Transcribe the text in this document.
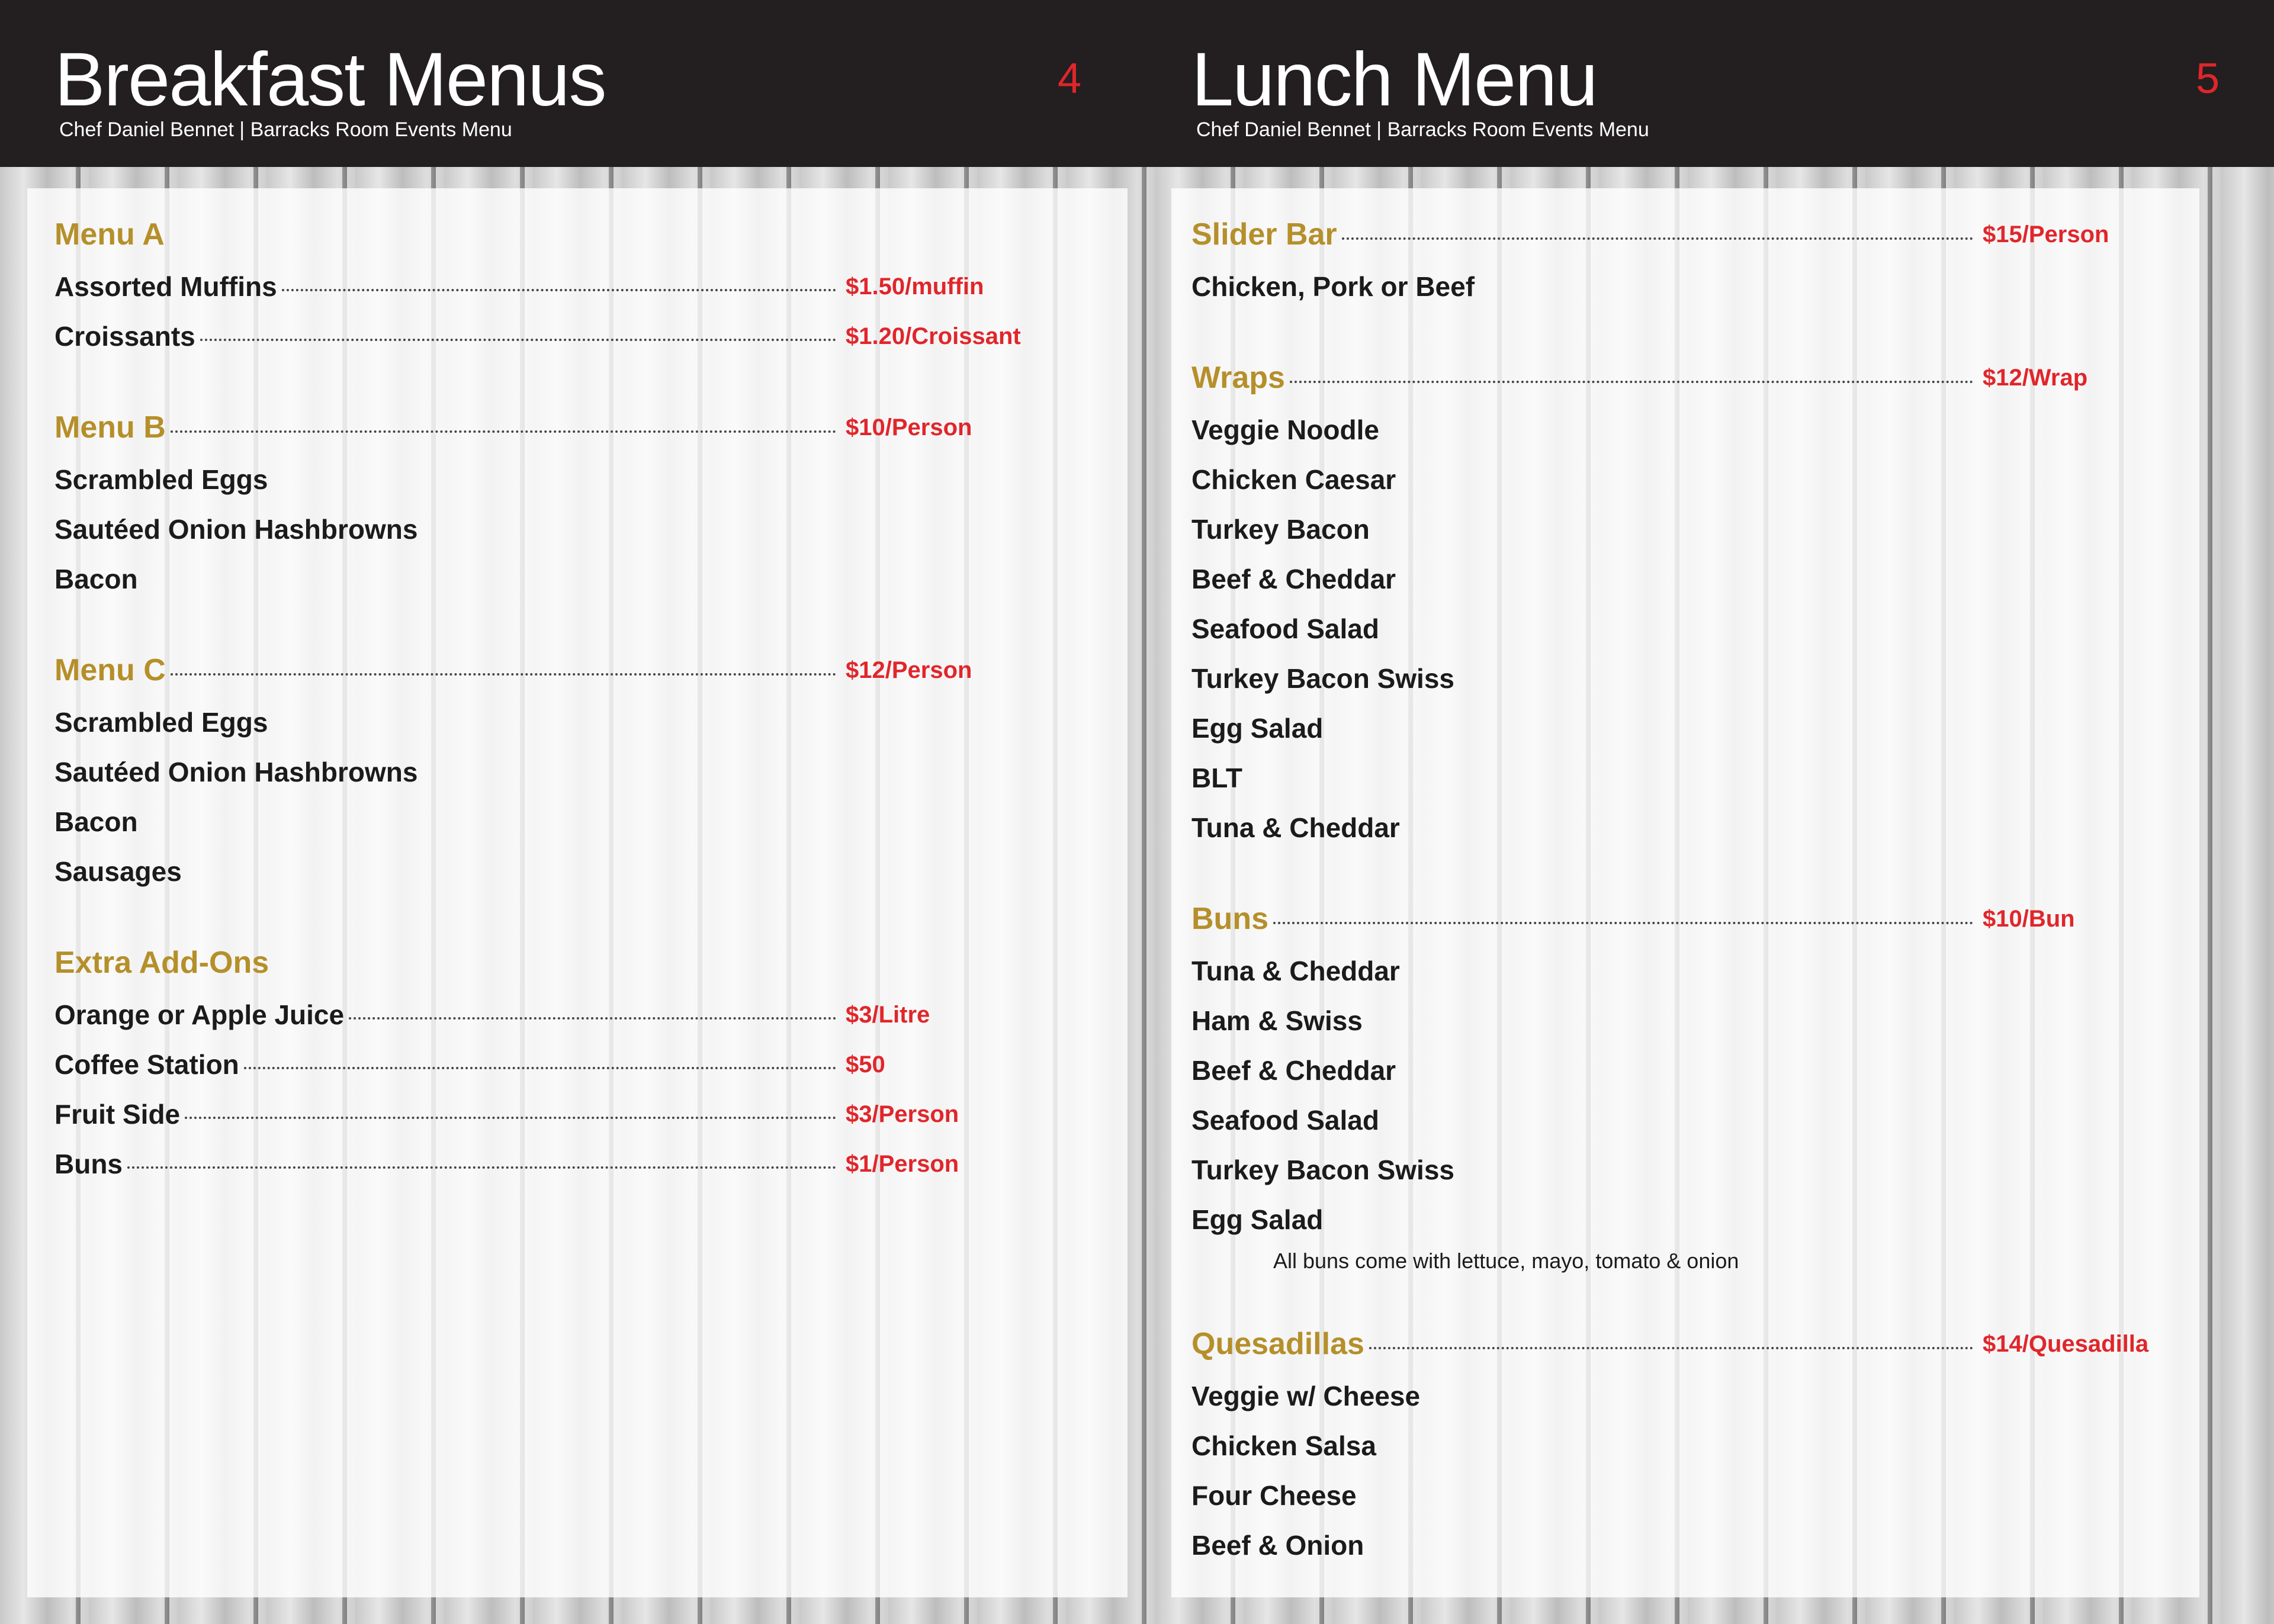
Breakfast Menus
Chef Daniel Bennet | Barracks Room Events Menu
4
Menu A
Assorted Muffins	$1.50/muffin
Croissants	$1.20/Croissant
Menu B	$10/Person
Scrambled Eggs
Sautéed Onion Hashbrowns
Bacon
Menu C	$12/Person
Scrambled Eggs
Sautéed Onion Hashbrowns
Bacon
Sausages
Extra Add-Ons
Orange or Apple Juice	$3/Litre
Coffee Station	$50
Fruit Side	$3/Person
Buns	$1/Person
Lunch Menu
Chef Daniel Bennet | Barracks Room Events Menu
5
Slider Bar	$15/Person
Chicken, Pork or Beef
Wraps	$12/Wrap
Veggie Noodle
Chicken Caesar
Turkey Bacon
Beef & Cheddar
Seafood Salad
Turkey Bacon Swiss
Egg Salad
BLT
Tuna & Cheddar
Buns	$10/Bun
Tuna & Cheddar
Ham & Swiss
Beef & Cheddar
Seafood Salad
Turkey Bacon Swiss
Egg Salad
All buns come with lettuce, mayo, tomato & onion
Quesadillas	$14/Quesadilla
Veggie w/ Cheese
Chicken Salsa
Four Cheese
Beef & Onion
